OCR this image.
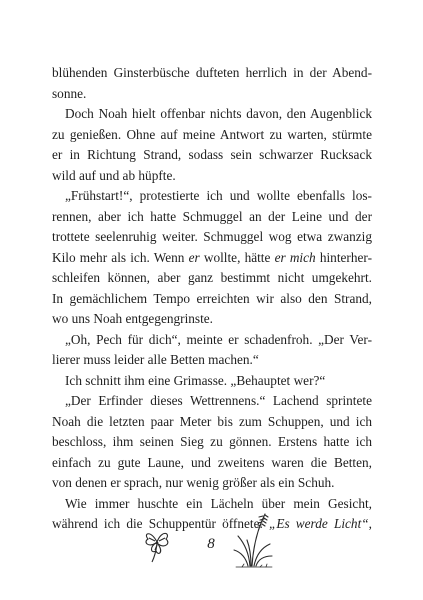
blühenden Ginsterbüsche dufteten herrlich in der Abend-
sonne.
Doch Noah hielt offenbar nichts davon, den Augenblick
zu genießen. Ohne auf meine Antwort zu warten, stürmte
er in Richtung Strand, sodass sein schwarzer Rucksack
wild auf und ab hüpfte.
„Frühstart!“, protestierte ich und wollte ebenfalls los-
rennen, aber ich hatte Schmuggel an der Leine und der
trottete seelenruhig weiter. Schmuggel wog etwa zwanzig
Kilo mehr als ich. Wenn er wollte, hätte er mich hinterher-
schleifen können, aber ganz bestimmt nicht umgekehrt.
In gemächlichem Tempo erreichten wir also den Strand,
wo uns Noah entgegengrinste.
„Oh, Pech für dich“, meinte er schadenfroh. „Der Ver-
lierer muss leider alle Betten machen.“
Ich schnitt ihm eine Grimasse. „Behauptet wer?“
„Der Erfinder dieses Wettrennens.“ Lachend sprintete
Noah die letzten paar Meter bis zum Schuppen, und ich
beschloss, ihm seinen Sieg zu gönnen. Erstens hatte ich
einfach zu gute Laune, und zweitens waren die Betten,
von denen er sprach, nur wenig größer als ein Schuh.
Wie immer huschte ein Lächeln über mein Gesicht,
während ich die Schuppentür öffnete. „Es werde Licht“,
8
